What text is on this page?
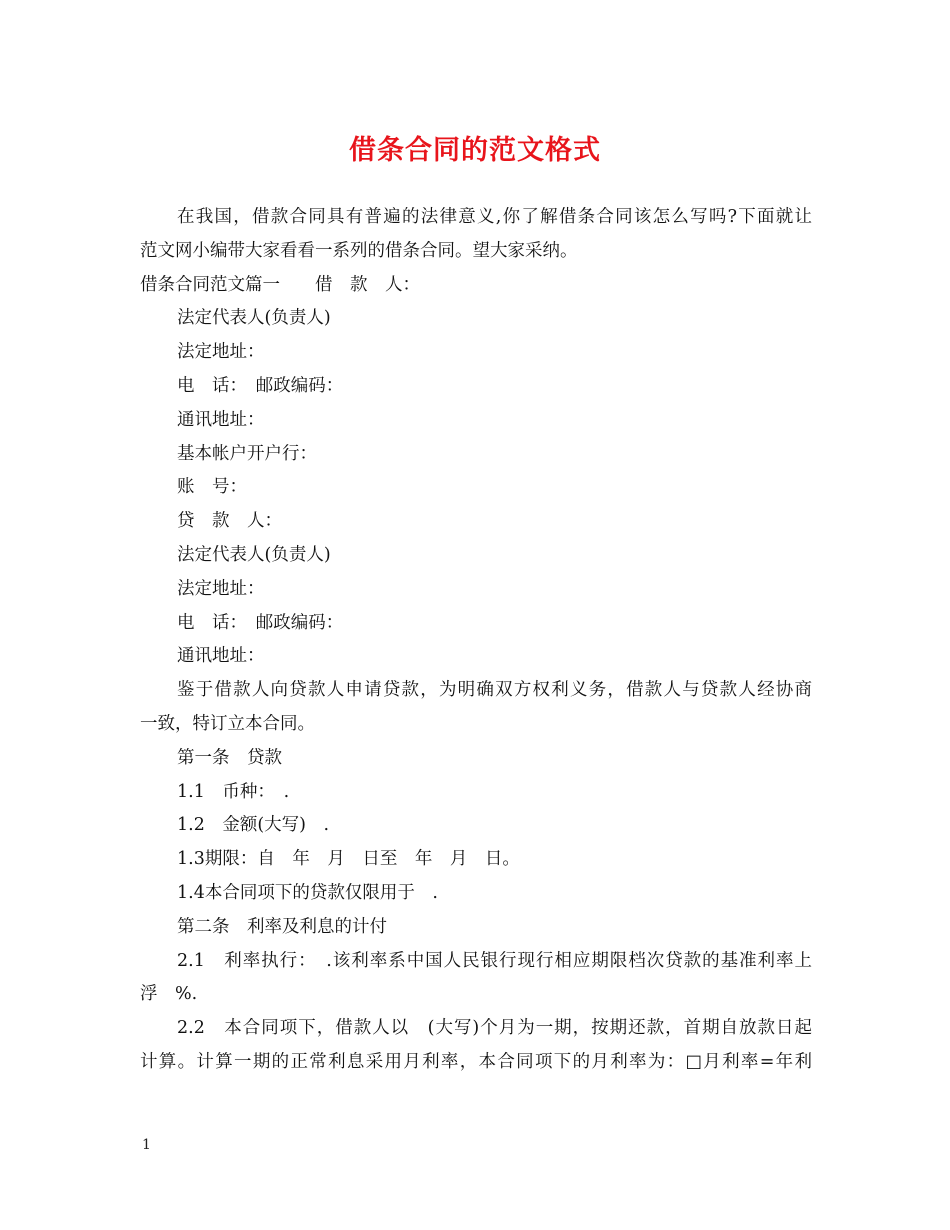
借条合同的范文格式

在我国，借款合同具有普遍的法律意义,你了解借条合同该怎么写吗?下面就让

范文网小编带大家看看一系列的借条合同。望大家采纳。

借条合同范文篇一　　借　款　人：

法定代表人(负责人)

法定地址：

电　话：　邮政编码：

通讯地址：

基本帐户开户行：

账　号：

贷　款　人：

法定代表人(负责人)

法定地址：

电　话：　邮政编码：

通讯地址：

鉴于借款人向贷款人申请贷款，为明确双方权利义务，借款人与贷款人经协商

一致，特订立本合同。

第一条　贷款

1.1　币种：　.

1.2　金额(大写)　.

1.3期限：自　年　月　日至　年　月　日。

1.4本合同项下的贷款仅限用于　.

第二条　利率及利息的计付

2.1　利率执行：　.该利率系中国人民银行现行相应期限档次贷款的基准利率上

浮　%.

2.2　本合同项下，借款人以　(大写)个月为一期，按期还款，首期自放款日起

计算。计算一期的正常利息采用月利率，本合同项下的月利率为：□月利率=年利

1
